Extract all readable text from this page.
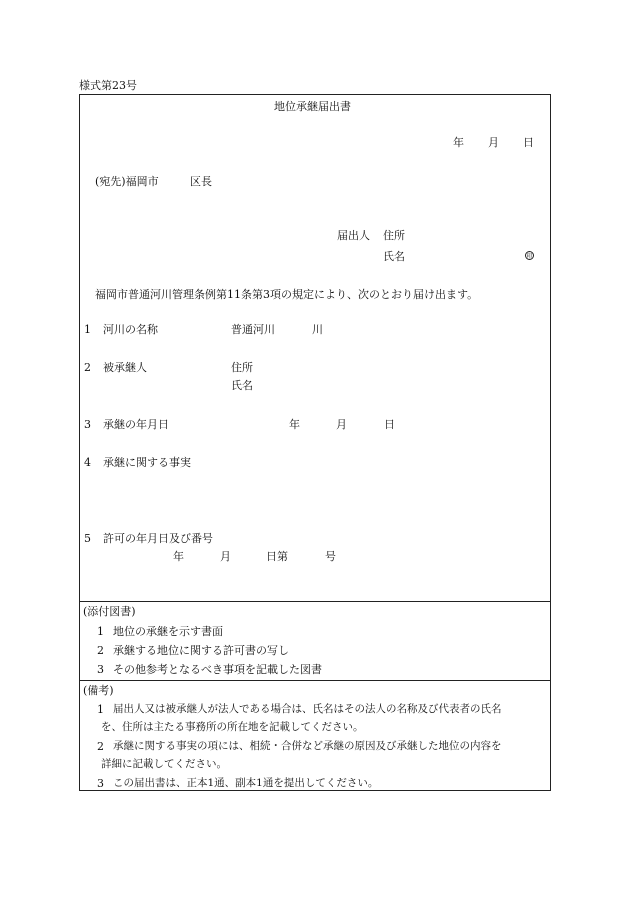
様式第23号
地位承継届出書
年 月 日
(宛先)福岡市	区長
届出人 住所
氏名	印
福岡市普通河川管理条例第11条第3項の規定により、次のとおり届け出ます。
1 河川の名称	普通河川	川
2 被承継人	住所
氏名
3 承継の年月日	年	月	日
4 承継に関する事実
5 許可の年月日及び番号
年	月	日第	号
(添付図書)
1 地位の承継を示す書面
2 承継する地位に関する許可書の写し
3 その他参考となるべき事項を記載した図書
(備考)
1 届出人又は被承継人が法人である場合は、氏名はその法人の名称及び代表者の氏名
を、住所は主たる事務所の所在地を記載してください。
2 承継に関する事実の項には、相続・合併など承継の原因及び承継した地位の内容を
詳細に記載してください。
3 この届出書は、正本1通、副本1通を提出してください。
